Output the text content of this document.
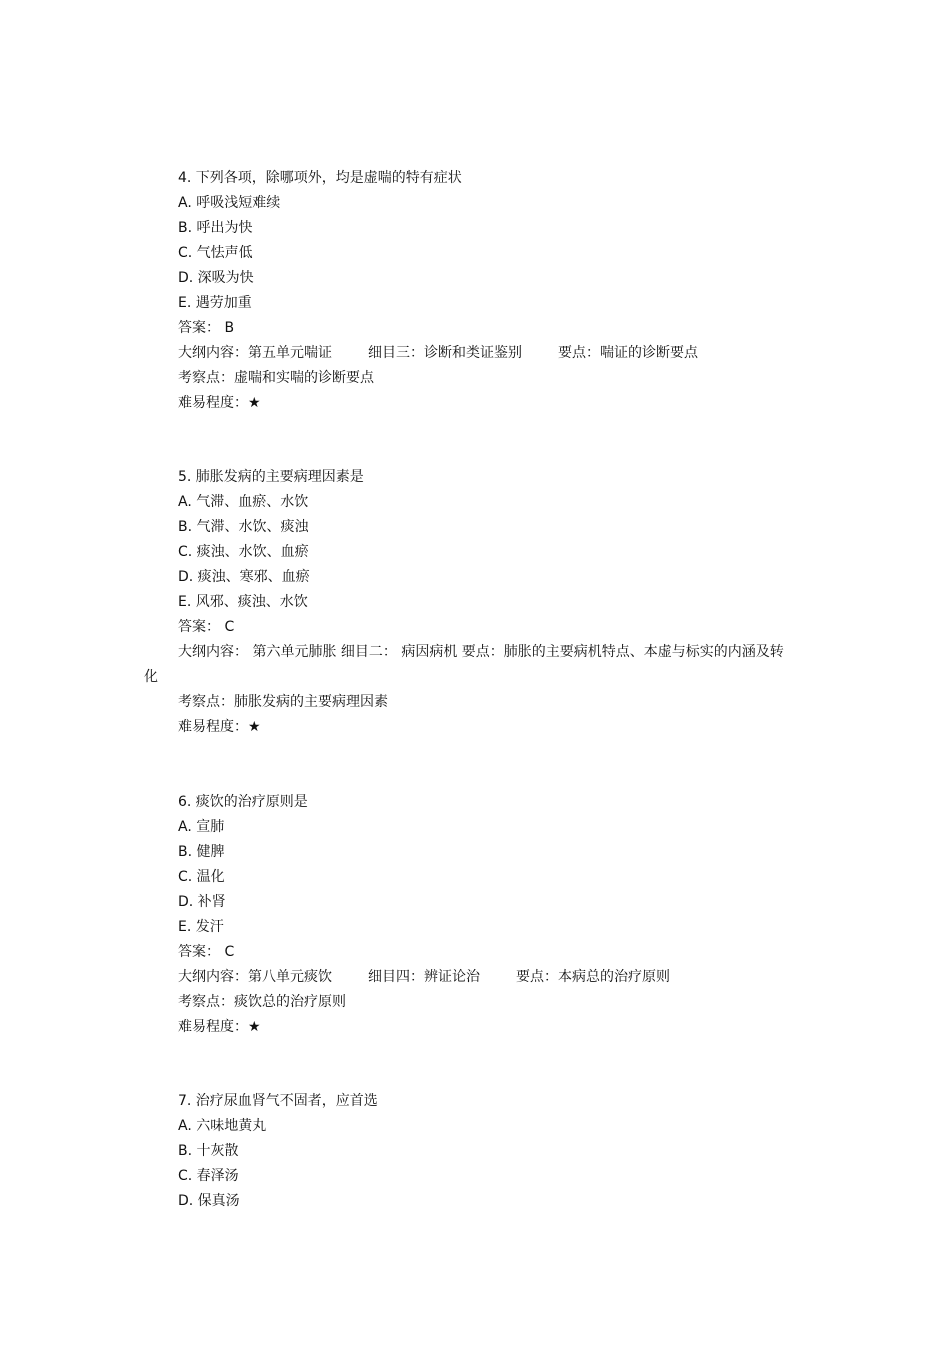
4. 下列各项，除哪项外，均是虚喘的特有症状
A. 呼吸浅短难续
B. 呼出为快
C. 气怯声低
D. 深吸为快
E. 遇劳加重
答案： B
大纲内容：第五单元喘证	细目三：诊断和类证鉴别	要点：喘证的诊断要点
考察点：虚喘和实喘的诊断要点
难易程度：★
5. 肺胀发病的主要病理因素是
A. 气滞、血瘀、水饮
B. 气滞、水饮、痰浊
C. 痰浊、水饮、血瘀
D. 痰浊、寒邪、血瘀
E. 风邪、痰浊、水饮
答案： C
大纲内容： 第六单元肺胀 细目二： 病因病机 要点：肺胀的主要病机特点、本虚与标实的内涵及转化
考察点：肺胀发病的主要病理因素
难易程度：★
6. 痰饮的治疗原则是
A. 宣肺
B. 健脾
C. 温化
D. 补肾
E. 发汗
答案： C
大纲内容：第八单元痰饮	细目四：辨证论治	要点：本病总的治疗原则
考察点：痰饮总的治疗原则
难易程度：★
7. 治疗尿血肾气不固者，应首选
A. 六味地黄丸
B. 十灰散
C. 春泽汤
D. 保真汤
